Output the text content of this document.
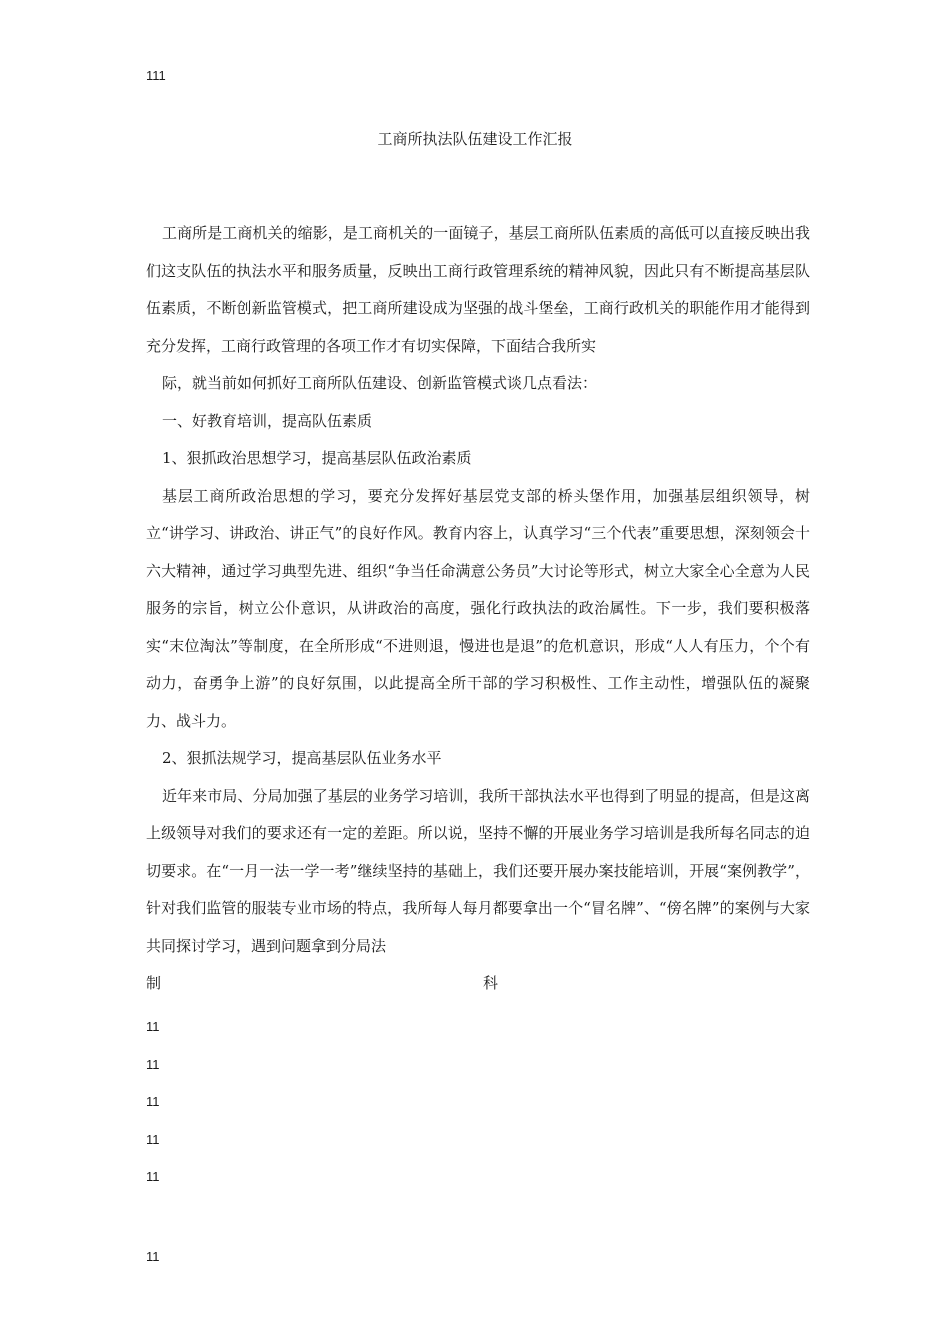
111
工商所执法队伍建设工作汇报

工商所是工商机关的缩影，是工商机关的一面镜子，基层工商所队伍素质的高低可以直接反映出我们这支队伍的执法水平和服务质量，反映出工商行政管理系统的精神风貌，因此只有不断提高基层队伍素质，不断创新监管模式，把工商所建设成为坚强的战斗堡垒，工商行政机关的职能作用才能得到充分发挥，工商行政管理的各项工作才有切实保障，下面结合我所实

际，就当前如何抓好工商所队伍建设、创新监管模式谈几点看法：

一、好教育培训，提高队伍素质

1、狠抓政治思想学习，提高基层队伍政治素质

基层工商所政治思想的学习，要充分发挥好基层党支部的桥头堡作用，加强基层组织领导，树立“讲学习、讲政治、讲正气”的良好作风。教育内容上，认真学习“三个代表”重要思想，深刻领会十六大精神，通过学习典型先进、组织“争当任命满意公务员”大讨论等形式，树立大家全心全意为人民服务的宗旨，树立公仆意识，从讲政治的高度，强化行政执法的政治属性。下一步，我们要积极落实“末位淘汰”等制度，在全所形成“不进则退，慢进也是退”的危机意识，形成“人人有压力，个个有动力，奋勇争上游”的良好氛围，以此提高全所干部的学习积极性、工作主动性，增强队伍的凝聚力、战斗力。

2、狠抓法规学习，提高基层队伍业务水平

近年来市局、分局加强了基层的业务学习培训，我所干部执法水平也得到了明显的提高，但是这离上级领导对我们的要求还有一定的差距。所以说，坚持不懈的开展业务学习培训是我所每名同志的迫切要求。在“一月一法一学一考”继续坚持的基础上，我们还要开展办案技能培训，开展“案例教学”，针对我们监管的服装专业市场的特点，我所每人每月都要拿出一个“冒名牌”、“傍名牌”的案例与大家共同探讨学习，遇到问题拿到分局法

制	科
11
11
11
11
11
11
